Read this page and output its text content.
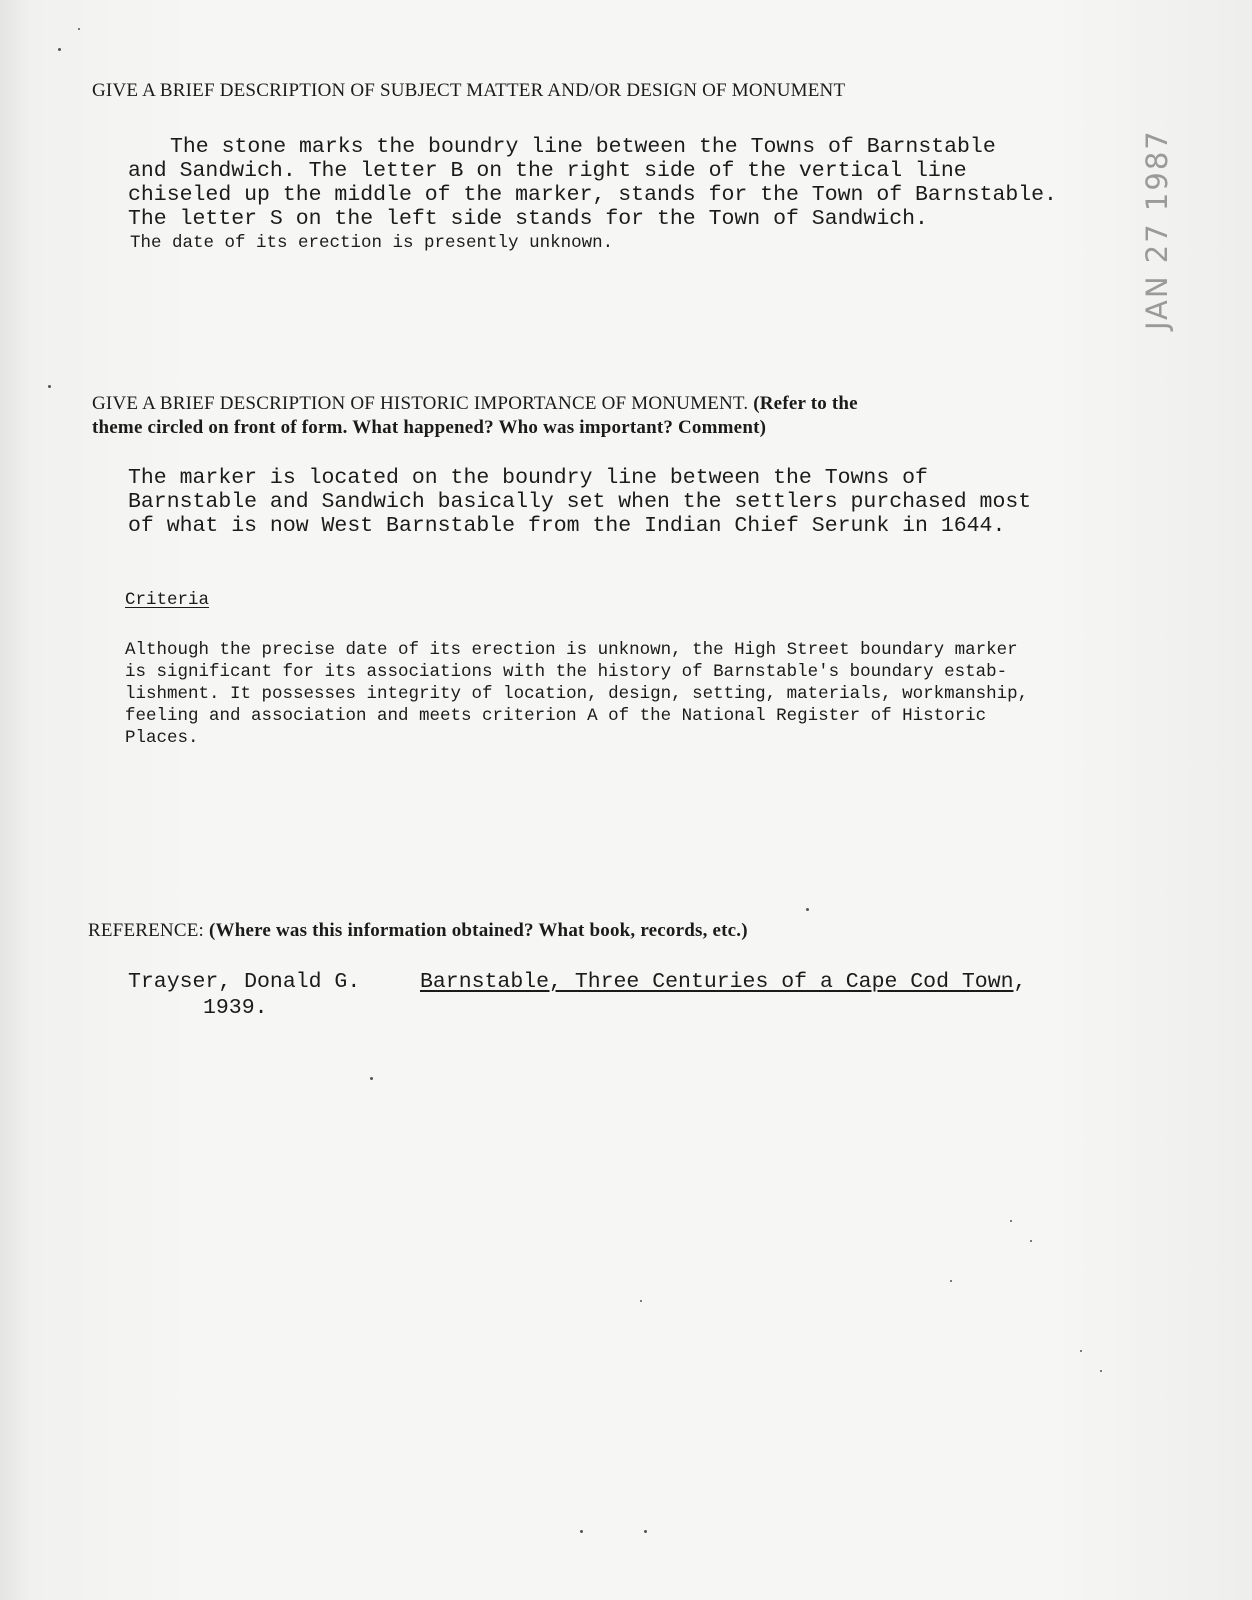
GIVE A BRIEF DESCRIPTION OF SUBJECT MATTER AND/OR DESIGN OF MONUMENT
The stone marks the boundry line between the Towns of Barnstable
and Sandwich. The letter B on the right side of the vertical line
chiseled up the middle of the marker, stands for the Town of Barnstable.
The letter S on the left side stands for the Town of Sandwich.
The date of its erection is presently unknown.	JAN 27 1987
GIVE A BRIEF DESCRIPTION OF HISTORIC IMPORTANCE OF MONUMENT. (Refer to the
theme circled on front of form. What happened? Who was important? Comment)
The marker is located on the boundry line between the Towns of
Barnstable and Sandwich basically set when the settlers purchased most
of what is now West Barnstable from the Indian Chief Serunk in 1644.
Criteria
Although the precise date of its erection is unknown, the High Street boundary marker
is significant for its associations with the history of Barnstable's boundary estab-
lishment. It possesses integrity of location, design, setting, materials, workmanship,
feeling and association and meets criterion A of the National Register of Historic
Places.
REFERENCE: (Where was this information obtained? What book, records, etc.)
Trayser, Donald G.	Barnstable, Three Centuries of a Cape Cod Town,
1939.
